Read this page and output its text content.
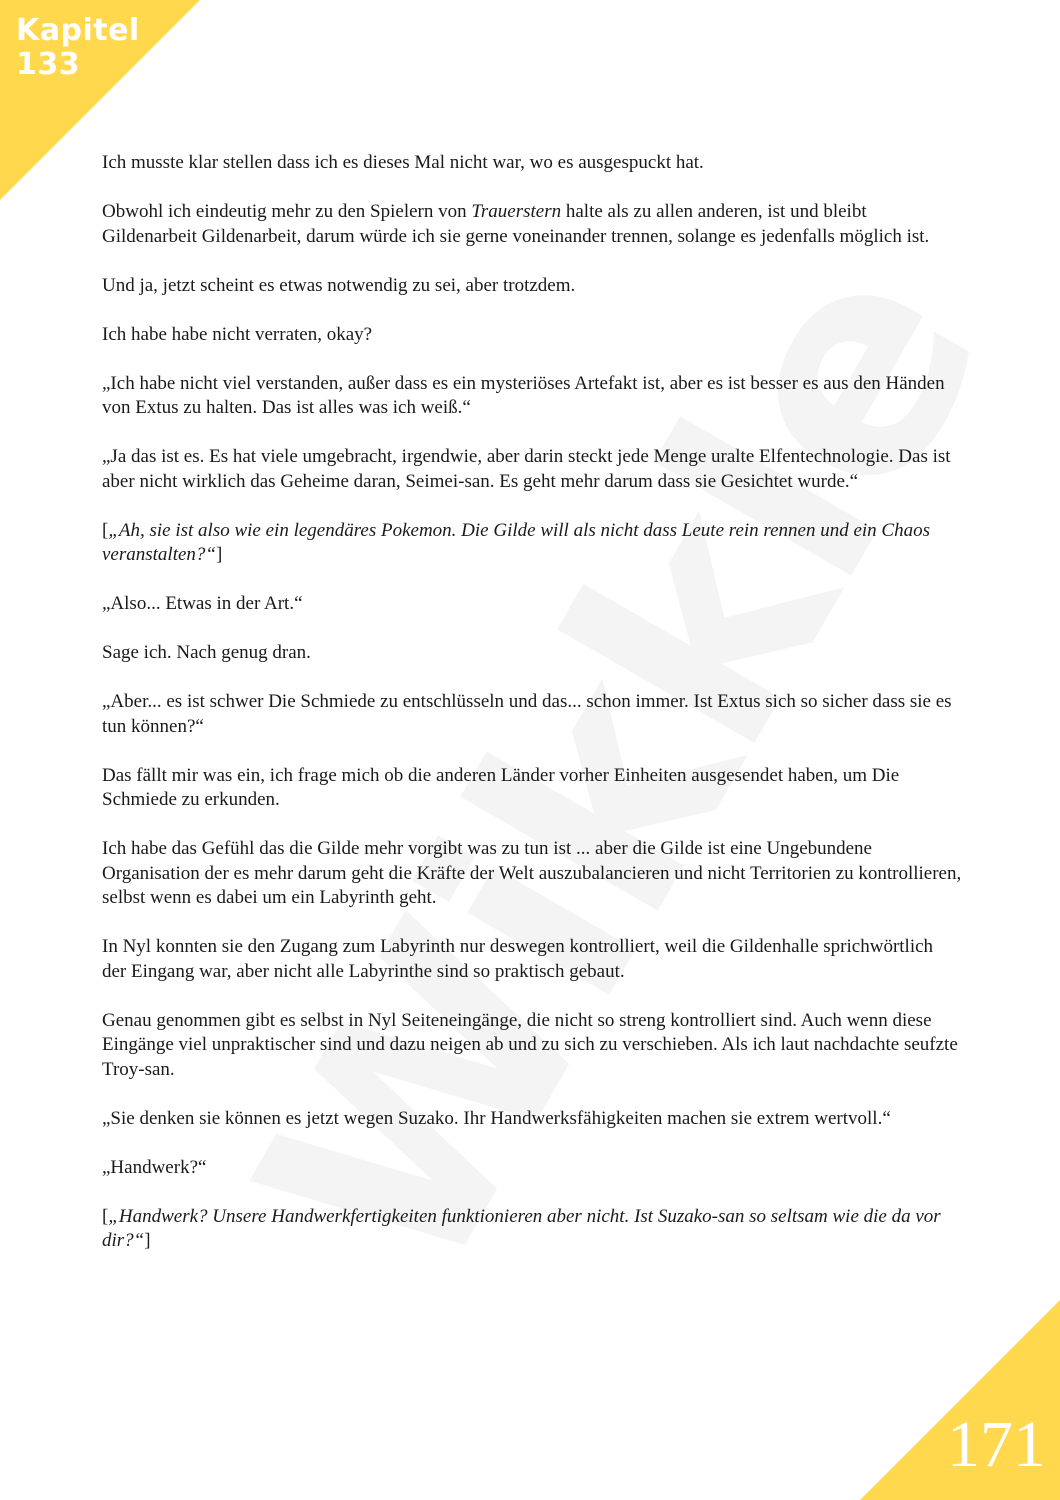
Kapitel
133

Ich musste klar stellen dass ich es dieses Mal nicht war, wo es ausgespuckt hat.

Obwohl ich eindeutig mehr zu den Spielern von Trauerstern halte als zu allen anderen, ist und bleibt Gildenarbeit Gildenarbeit, darum würde ich sie gerne voneinander trennen, solange es jedenfalls möglich ist.

Und ja, jetzt scheint es etwas notwendig zu sei, aber trotzdem.

Ich habe habe nicht verraten, okay?

„Ich habe nicht viel verstanden, außer dass es ein mysteriöses Artefakt ist, aber es ist besser es aus den Händen von Extus zu halten. Das ist alles was ich weiß.“

„Ja das ist es. Es hat viele umgebracht, irgendwie, aber darin steckt jede Menge uralte Elfentechnologie. Das ist aber nicht wirklich das Geheime daran, Seimei-san. Es geht mehr darum dass sie Gesichtet wurde.“

[„Ah, sie ist also wie ein legendäres Pokemon. Die Gilde will als nicht dass Leute rein rennen und ein Chaos veranstalten?“]

„Also... Etwas in der Art.“

Sage ich. Nach genug dran.

„Aber... es ist schwer Die Schmiede zu entschlüsseln und das... schon immer. Ist Extus sich so sicher dass sie es tun können?“

Das fällt mir was ein, ich frage mich ob die anderen Länder vorher Einheiten ausgesendet haben, um Die Schmiede zu erkunden.

Ich habe das Gefühl das die Gilde mehr vorgibt was zu tun ist ... aber die Gilde ist eine Ungebundene Organisation der es mehr darum geht die Kräfte der Welt auszubalancieren und nicht Territorien zu kontrollieren, selbst wenn es dabei um ein Labyrinth geht.

In Nyl konnten sie den Zugang zum Labyrinth nur deswegen kontrolliert, weil die Gildenhalle sprichwörtlich der Eingang war, aber nicht alle Labyrinthe sind so praktisch gebaut.

Genau genommen gibt es selbst in Nyl Seiteneingänge, die nicht so streng kontrolliert sind. Auch wenn diese Eingänge viel unpraktischer sind und dazu neigen ab und zu sich zu verschieben. Als ich laut nachdachte seufzte Troy-san.

„Sie denken sie können es jetzt wegen Suzako. Ihr Handwerksfähigkeiten machen sie extrem wertvoll.“

„Handwerk?“

[„Handwerk? Unsere Handwerkfertigkeiten funktionieren aber nicht. Ist Suzako-san so seltsam wie die da vor dir?“]

171
